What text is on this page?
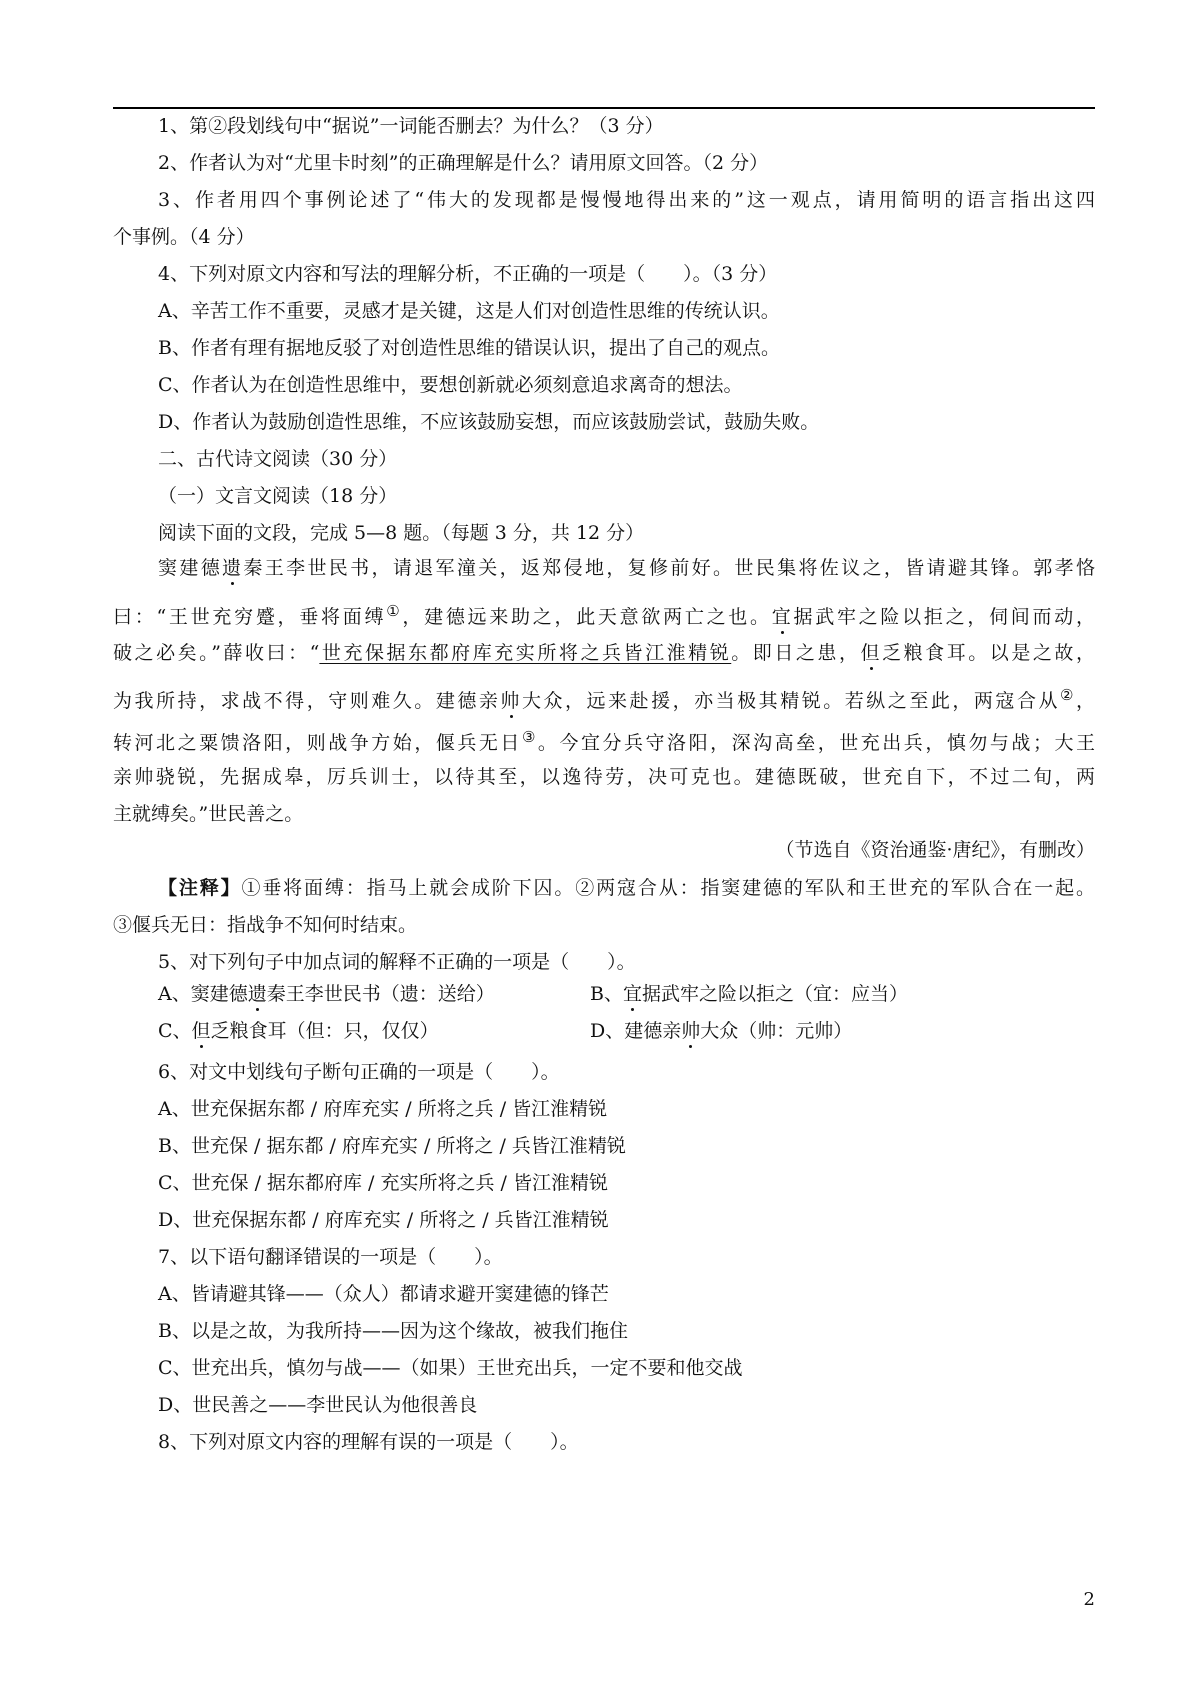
1、第②段划线句中“据说”一词能否删去？为什么？（3 分）
2、作者认为对“尤里卡时刻”的正确理解是什么？请用原文回答。（2 分）
3、作者用四个事例论述了“伟大的发现都是慢慢地得出来的”这一观点，请用简明的语言指出这四
个事例。（4 分）
4、下列对原文内容和写法的理解分析，不正确的一项是（　　）。（3 分）
A、辛苦工作不重要，灵感才是关键，这是人们对创造性思维的传统认识。
B、作者有理有据地反驳了对创造性思维的错误认识，提出了自己的观点。
C、作者认为在创造性思维中，要想创新就必须刻意追求离奇的想法。
D、作者认为鼓励创造性思维，不应该鼓励妄想，而应该鼓励尝试，鼓励失败。
二、古代诗文阅读（30 分）
（一）文言文阅读（18 分）
阅读下面的文段，完成 5—8 题。（每题 3 分，共 12 分）
窦建德遗秦王李世民书，请退军潼关，返郑侵地，复修前好。世民集将佐议之，皆请避其锋。郭孝恪
曰：“王世充穷蹙，垂将面缚①，建德远来助之，此天意欲两亡之也。宜据武牢之险以拒之，伺间而动，
破之必矣。”薛收曰：“世充保据东都府库充实所将之兵皆江淮精锐。即日之患，但乏粮食耳。以是之故，
为我所持，求战不得，守则难久。建德亲帅大众，远来赴援，亦当极其精锐。若纵之至此，两寇合从②，
转河北之粟馈洛阳，则战争方始，偃兵无日③。今宜分兵守洛阳，深沟高垒，世充出兵，慎勿与战；大王
亲帅骁锐，先据成皋，厉兵训士，以待其至，以逸待劳，决可克也。建德既破，世充自下，不过二旬，两
主就缚矣。”世民善之。
（节选自《资治通鉴·唐纪》，有删改）
【注释】①垂将面缚：指马上就会成阶下囚。②两寇合从：指窦建德的军队和王世充的军队合在一起。
③偃兵无日：指战争不知何时结束。
5、对下列句子中加点词的解释不正确的一项是（　　）。
A、窦建德遗秦王李世民书（遗：送给）	B、宜据武牢之险以拒之（宜：应当）
C、但乏粮食耳（但：只，仅仅）	D、建德亲帅大众（帅：元帅）
6、对文中划线句子断句正确的一项是（　　）。
A、世充保据东都 / 府库充实 / 所将之兵 / 皆江淮精锐
B、世充保 / 据东都 / 府库充实 / 所将之 / 兵皆江淮精锐
C、世充保 / 据东都府库 / 充实所将之兵 / 皆江淮精锐
D、世充保据东都 / 府库充实 / 所将之 / 兵皆江淮精锐
7、以下语句翻译错误的一项是（　　）。
A、皆请避其锋——（众人）都请求避开窦建德的锋芒
B、以是之故，为我所持——因为这个缘故，被我们拖住
C、世充出兵，慎勿与战——（如果）王世充出兵，一定不要和他交战
D、世民善之——李世民认为他很善良
8、下列对原文内容的理解有误的一项是（　　）。
2
